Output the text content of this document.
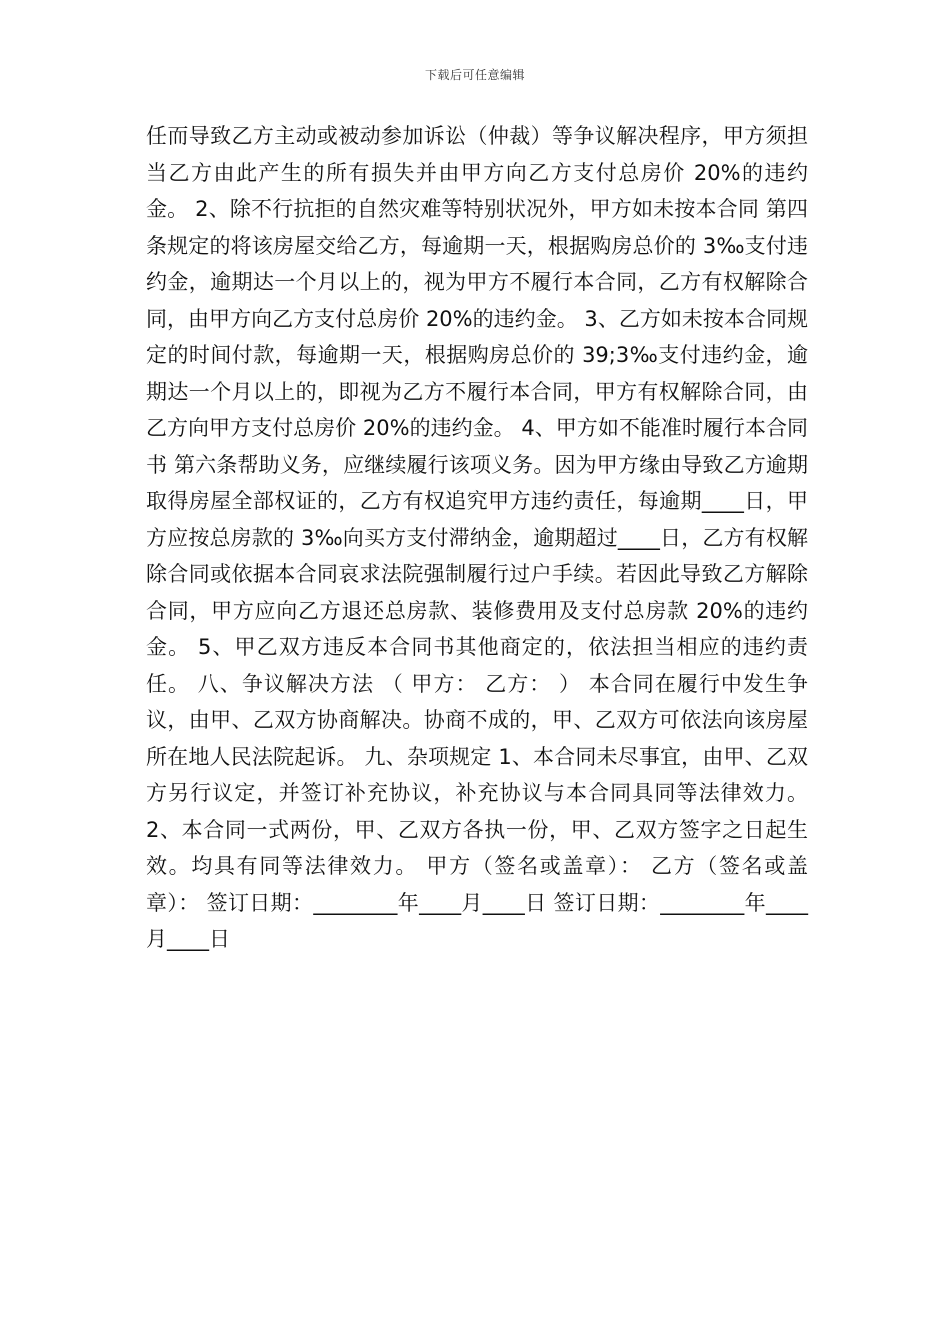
下载后可任意编辑

任而导致乙方主动或被动参加诉讼（仲裁）等争议解决程序，甲方须担当乙方由此产生的所有损失并由甲方向乙方支付总房价 20%的违约金。 2、除不行抗拒的自然灾难等特别状况外，甲方如未按本合同 第四条规定的将该房屋交给乙方，每逾期一天，根据购房总价的 3‰支付违约金，逾期达一个月以上的，视为甲方不履行本合同，乙方有权解除合同，由甲方向乙方支付总房价 20%的违约金。 3、乙方如未按本合同规定的时间付款，每逾期一天，根据购房总价的 39;3‰支付违约金，逾期达一个月以上的，即视为乙方不履行本合同，甲方有权解除合同，由乙方向甲方支付总房价 20%的违约金。 4、甲方如不能准时履行本合同书 第六条帮助义务，应继续履行该项义务。因为甲方缘由导致乙方逾期取得房屋全部权证的，乙方有权追究甲方违约责任，每逾期____日，甲方应按总房款的 3‰向买方支付滞纳金，逾期超过____日，乙方有权解除合同或依据本合同哀求法院强制履行过户手续。若因此导致乙方解除合同，甲方应向乙方退还总房款、装修费用及支付总房款 20%的违约金。 5、甲乙双方违反本合同书其他商定的，依法担当相应的违约责任。 八、争议解决方法 （ 甲方： 乙方： ） 本合同在履行中发生争议，由甲、乙双方协商解决。协商不成的，甲、乙双方可依法向该房屋所在地人民法院起诉。 九、杂项规定 1、本合同未尽事宜，由甲、乙双方另行议定，并签订补充协议，补充协议与本合同具同等法律效力。 2、本合同一式两份，甲、乙双方各执一份，甲、乙双方签字之日起生效。均具有同等法律效力。 甲方（签名或盖章）： 乙方（签名或盖章）： 签订日期：________年____月____日 签订日期：________年____月____日
